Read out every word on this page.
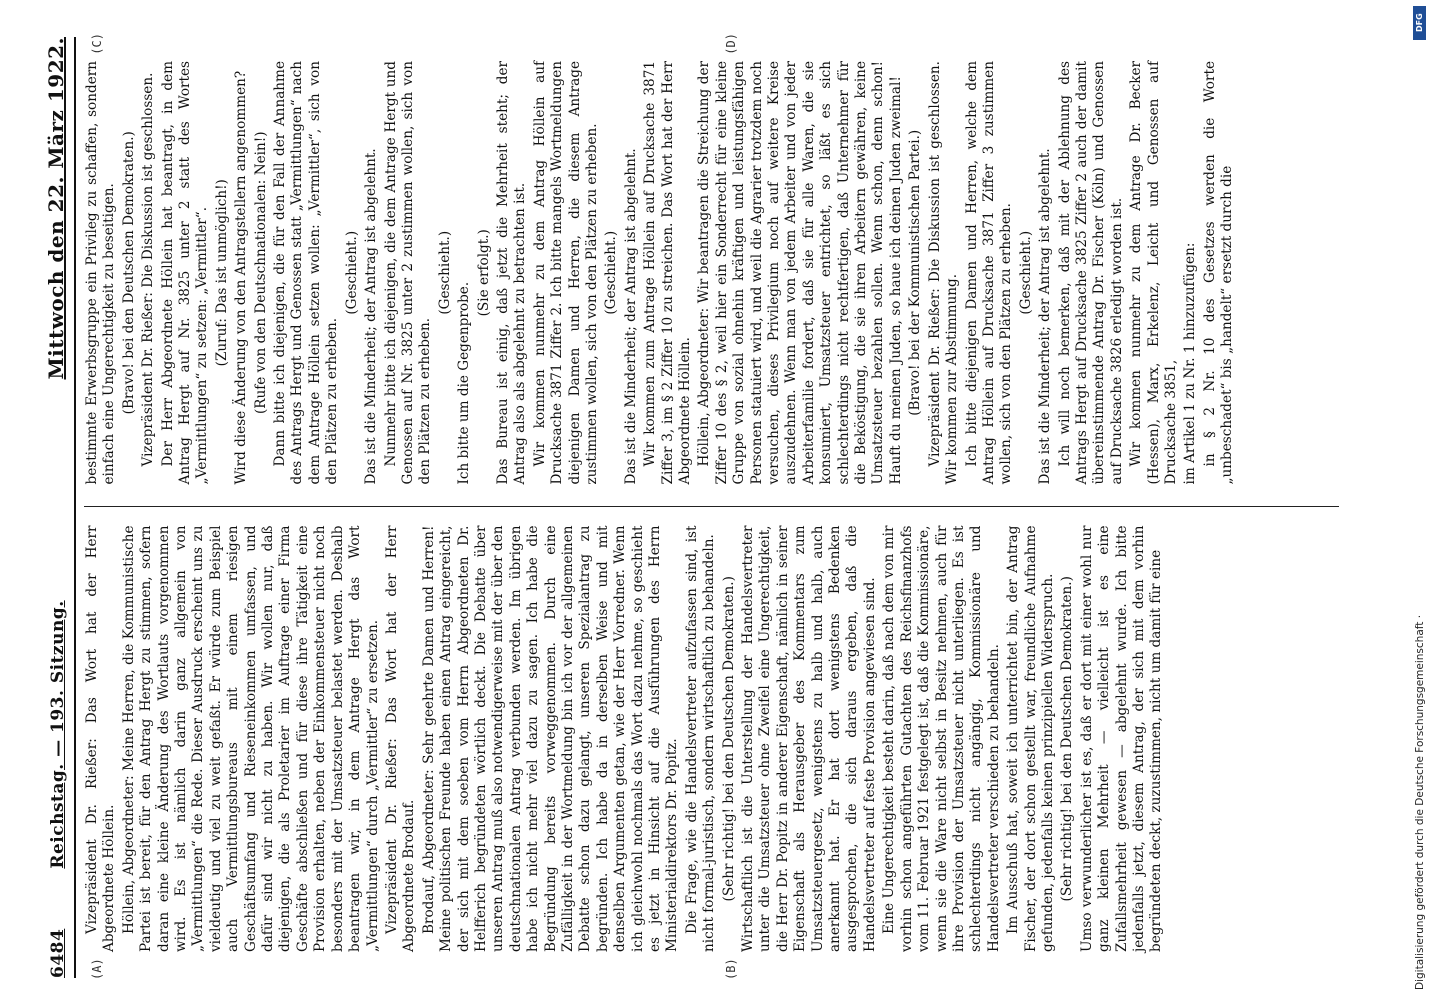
6484
Reichstag. — 193. Sitzung.
Mittwoch den 22. März 1922.
(A)	(B)

Vizepräsident Dr. Rießer: Das Wort hat der Herr Abgeordnete Höllein. Höllein, Abgeordneter: Meine Herren, die Kommunistische Partei ist bereit, für den Antrag Hergt zu stimmen, sofern daran eine kleine Änderung des Wortlauts vorgenommen wird. Es ist nämlich darin ganz allgemein von „Vermittlungen“ die Rede. Dieser Ausdruck erscheint uns zu vieldeutig und viel zu weit gefaßt. Er würde zum Beispiel auch Vermittlungsbureaus mit einem riesigen Geschäftsumfang und Rieseneinkommen umfassen, und dafür sind wir nicht zu haben. Wir wollen nur, daß diejenigen, die als Proletarier im Auftrage einer Firma Geschäfte abschließen und für diese ihre Tätigkeit eine Provision erhalten, neben der Einkommensteuer nicht noch besonders mit der Umsatzsteuer belastet werden. Deshalb beantragen wir, in dem Antrage Hergt das Wort „Vermittlungen“ durch „Vermittler“ zu ersetzen. Vizepräsident Dr. Rießer: Das Wort hat der Herr Abgeordnete Brodauf. Brodauf, Abgeordneter: Sehr geehrte Damen und Herren! Meine politischen Freunde haben einen Antrag eingereicht, der sich mit dem soeben vom Herrn Abgeordneten Dr. Helfferich begründeten wörtlich deckt. Die Debatte über unseren Antrag muß also notwendigerweise mit der über den deutschnationalen Antrag verbunden werden. Im übrigen habe ich nicht mehr viel dazu zu sagen. Ich habe die Begründung bereits vorweggenommen. Durch eine Zufälligkeit in der Wortmeldung bin ich vor der allgemeinen Debatte schon dazu gelangt, unseren Spezialantrag zu begründen. Ich habe da in derselben Weise und mit denselben Argumenten getan, wie der Herr Vorredner. Wenn ich gleichwohl nochmals das Wort dazu nehme, so geschieht es jetzt in Hinsicht auf die Ausführungen des Herrn Ministerialdirektors Dr. Popitz. Die Frage, wie die Handelsvertreter aufzufassen sind, ist nicht formal-juristisch, sondern wirtschaftlich zu behandeln. (Sehr richtig! bei den Deutschen Demokraten.) Wirtschaftlich ist die Unterstellung der Handelsvertreter unter die Umsatzsteuer ohne Zweifel eine Ungerechtigkeit, die Herr Dr. Popitz in anderer Eigenschaft, nämlich in seiner Eigenschaft als Herausgeber des Kommentars zum Umsatzsteuergesetz, wenigstens zu halb und halb, auch anerkannt hat. Er hat dort wenigstens Bedenken ausgesprochen, die sich daraus ergeben, daß die Handelsvertreter auf feste Provision angewiesen sind. Eine Ungerechtigkeit besteht darin, daß nach dem von mir vorhin schon angeführten Gutachten des Reichsfinanzhofs vom 11. Februar 1921 festgelegt ist, daß die Kommissionäre, wenn sie die Ware nicht selbst in Besitz nehmen, auch für ihre Provision der Umsatzsteuer nicht unterliegen. Es ist schlechterdings nicht angängig, Kommissionäre und Handelsvertreter verschieden zu behandeln. Im Ausschuß hat, soweit ich unterrichtet bin, der Antrag Fischer, der dort schon gestellt war, freundliche Aufnahme gefunden, jedenfalls keinen prinzipiellen Widerspruch. (Sehr richtig! bei den Deutschen Demokraten.) Umso verwunderlicher ist es, daß er dort mit einer wohl nur ganz kleinen Mehrheit — vielleicht ist es eine Zufallsmehrheit gewesen — abgelehnt wurde. Ich bitte jedenfalls jetzt, diesem Antrag, der sich mit dem vorhin begründeten deckt, zuzustimmen, nicht um damit für eine

(C)	(D)

bestimmte Erwerbsgruppe ein Privileg zu schaffen, sondern einfach eine Ungerechtigkeit zu beseitigen. (Bravo! bei den Deutschen Demokraten.) Vizepräsident Dr. Rießer: Die Diskussion ist geschlossen. Der Herr Abgeordnete Höllein hat beantragt, in dem Antrag Hergt auf Nr. 3825 unter 2 statt des Wortes „Vermittlungen“ zu setzen: „Vermittler“. (Zuruf: Das ist unmöglich!) Wird diese Änderung von den Antragstellern angenommen? (Rufe von den Deutschnationalen: Nein!) Dann bitte ich diejenigen, die für den Fall der Annahme des Antrags Hergt und Genossen statt „Vermittlungen“ nach dem Antrage Höllein setzen wollen: „Vermittler“, sich von den Plätzen zu erheben.

(Geschieht.) Das ist die Minderheit; der Antrag ist abgelehnt. Nunmehr bitte ich diejenigen, die dem Antrage Hergt und Genossen auf Nr. 3825 unter 2 zustimmen wollen, sich von den Plätzen zu erheben.

(Geschieht.)

Ich bitte um die Gegenprobe.

(Sie erfolgt.) Das Bureau ist einig, daß jetzt die Mehrheit steht; der Antrag also als abgelehnt zu betrachten ist. Wir kommen nunmehr zu dem Antrag Höllein auf Drucksache 3871 Ziffer 2. Ich bitte mangels Wortmeldungen diejenigen Damen und Herren, die diesem Antrage zustimmen wollen, sich von den Plätzen zu erheben. (Geschieht.) Das ist die Minderheit; der Antrag ist abgelehnt. Wir kommen zum Antrage Höllein auf Drucksache 3871 Ziffer 3, im § 2 Ziffer 10 zu streichen. Das Wort hat der Herr Abgeordnete Höllein. Höllein, Abgeordneter: Wir beantragen die Streichung der Ziffer 10 des § 2, weil hier ein Sonderrecht für eine kleine Gruppe von sozial ohnehin kräftigen und leistungsfähigen Personen statuiert wird, und weil die Agrarier trotzdem noch versuchen, dieses Privilegium noch auf weitere Kreise auszudehnen. Wenn man von jedem Arbeiter und von jeder Arbeiterfamilie fordert, daß sie für alle Waren, die sie konsumiert, Umsatzsteuer entrichtet, so läßt es sich schlechterdings nicht rechtfertigen, daß Unternehmer für die Beköstigung, die sie ihren Arbeitern gewähren, keine Umsatzsteuer bezahlen sollen. Wenn schon, denn schon! Hauft du meinen Juden, so haue ich deinen Juden zweimal! (Bravo! bei der Kommunistischen Partei.) Vizepräsident Dr. Rießer: Die Diskussion ist geschlossen. Wir kommen zur Abstimmung. Ich bitte diejenigen Damen und Herren, welche dem Antrag Höllein auf Drucksache 3871 Ziffer 3 zustimmen wollen, sich von den Plätzen zu erheben. (Geschieht.) Das ist die Minderheit; der Antrag ist abgelehnt. Ich will noch bemerken, daß mit der Ablehnung des Antrags Hergt auf Drucksache 3825 Ziffer 2 auch der damit übereinstimmende Antrag Dr. Fischer (Köln) und Genossen auf Drucksache 3826 erledigt worden ist. Wir kommen nunmehr zu dem Antrage Dr. Becker (Hessen), Marx, Erkelenz, Leicht und Genossen auf Drucksache 3851, im Artikel 1 zu Nr. 1 hinzuzufügen: in § 2 Nr. 10 des Gesetzes werden die Worte „unbeschadet“ bis „handelt“ ersetzt durch die

DFG
Digitalisierung gefördert durch die Deutsche Forschungsgemeinschaft ·
